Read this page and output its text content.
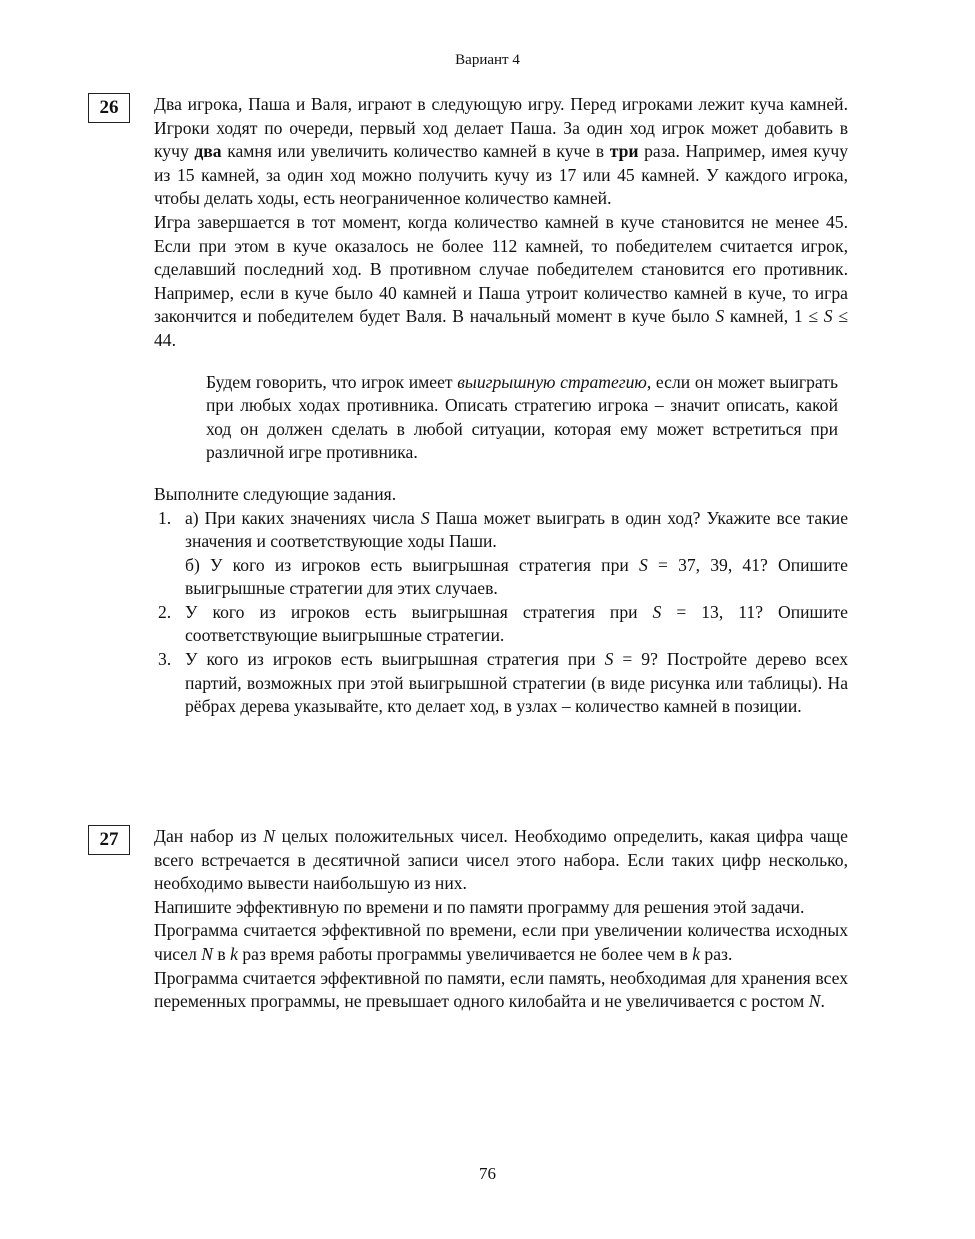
Вариант 4
26	Два игрока, Паша и Валя, играют в следующую игру. Перед игроками лежит куча камней. Игроки ходят по очереди, первый ход делает Паша. За один ход игрок может добавить в кучу два камня или увеличить количество камней в куче в три раза. Например, имея кучу из 15 камней, за один ход можно получить кучу из 17 или 45 камней. У каждого игрока, чтобы делать ходы, есть неограниченное количество камней.

Игра завершается в тот момент, когда количество камней в куче становится не менее 45. Если при этом в куче оказалось не более 112 камней, то победителем считается игрок, сделавший последний ход. В противном случае победителем становится его противник. Например, если в куче было 40 камней и Паша утроит количество камней в куче, то игра закончится и победителем будет Валя. В начальный момент в куче было S камней, 1 ≤ S ≤ 44.

Будем говорить, что игрок имеет выигрышную стратегию, если он может выиграть при любых ходах противника. Описать стратегию игрока – значит описать, какой ход он должен сделать в любой ситуации, которая ему может встретиться при различной игре противника.

Выполните следующие задания.

1. а) При каких значениях числа S Паша может выиграть в один ход? Укажите все такие значения и соответствующие ходы Паши.
б) У кого из игроков есть выигрышная стратегия при S = 37, 39, 41? Опишите выигрышные стратегии для этих случаев.
2. У кого из игроков есть выигрышная стратегия при S = 13, 11? Опишите соответствующие выигрышные стратегии.
3. У кого из игроков есть выигрышная стратегия при S = 9? Постройте дерево всех партий, возможных при этой выигрышной стратегии (в виде рисунка или таблицы). На рёбрах дерева указывайте, кто делает ход, в узлах – количество камней в позиции.
27	Дан набор из N целых положительных чисел. Необходимо определить, какая цифра чаще всего встречается в десятичной записи чисел этого набора. Если таких цифр несколько, необходимо вывести наибольшую из них.

Напишите эффективную по времени и по памяти программу для решения этой задачи.

Программа считается эффективной по времени, если при увеличении количества исходных чисел N в k раз время работы программы увеличивается не более чем в k раз.

Программа считается эффективной по памяти, если память, необходимая для хранения всех переменных программы, не превышает одного килобайта и не увеличивается с ростом N.

76
